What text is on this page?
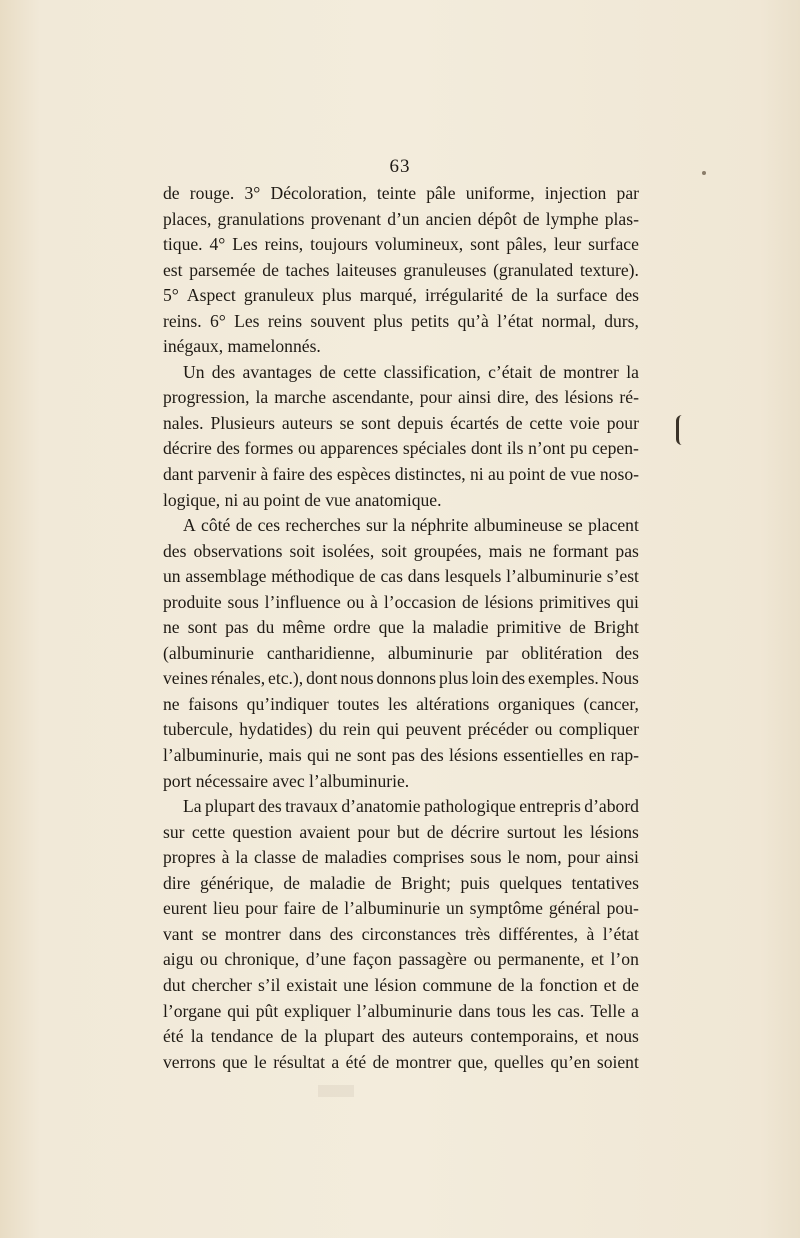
63
de rouge. 3° Décoloration, teinte pâle uniforme, injection par
places, granulations provenant d’un ancien dépôt de lymphe plas-
tique. 4° Les reins, toujours volumineux, sont pâles, leur surface
est parsemée de taches laiteuses granuleuses (granulated texture).
5° Aspect granuleux plus marqué, irrégularité de la surface des
reins. 6° Les reins souvent plus petits qu’à l’état normal, durs,
inégaux, mamelonnés.
Un des avantages de cette classification, c’était de montrer la
progression, la marche ascendante, pour ainsi dire, des lésions ré-
nales. Plusieurs auteurs se sont depuis écartés de cette voie pour
décrire des formes ou apparences spéciales dont ils n’ont pu cepen-
dant parvenir à faire des espèces distinctes, ni au point de vue noso-
logique, ni au point de vue anatomique.
A côté de ces recherches sur la néphrite albumineuse se placent
des observations soit isolées, soit groupées, mais ne formant pas
un assemblage méthodique de cas dans lesquels l’albuminurie s’est
produite sous l’influence ou à l’occasion de lésions primitives qui
ne sont pas du même ordre que la maladie primitive de Bright
(albuminurie cantharidienne, albuminurie par oblitération des
veines rénales, etc.), dont nous donnons plus loin des exemples. Nous
ne faisons qu’indiquer toutes les altérations organiques (cancer,
tubercule, hydatides) du rein qui peuvent précéder ou compliquer
l’albuminurie, mais qui ne sont pas des lésions essentielles en rap-
port nécessaire avec l’albuminurie.
La plupart des travaux d’anatomie pathologique entrepris d’abord
sur cette question avaient pour but de décrire surtout les lésions
propres à la classe de maladies comprises sous le nom, pour ainsi
dire générique, de maladie de Bright; puis quelques tentatives
eurent lieu pour faire de l’albuminurie un symptôme général pou-
vant se montrer dans des circonstances très différentes, à l’état
aigu ou chronique, d’une façon passagère ou permanente, et l’on
dut chercher s’il existait une lésion commune de la fonction et de
l’organe qui pût expliquer l’albuminurie dans tous les cas. Telle a
été la tendance de la plupart des auteurs contemporains, et nous
verrons que le résultat a été de montrer que, quelles qu’en soient
